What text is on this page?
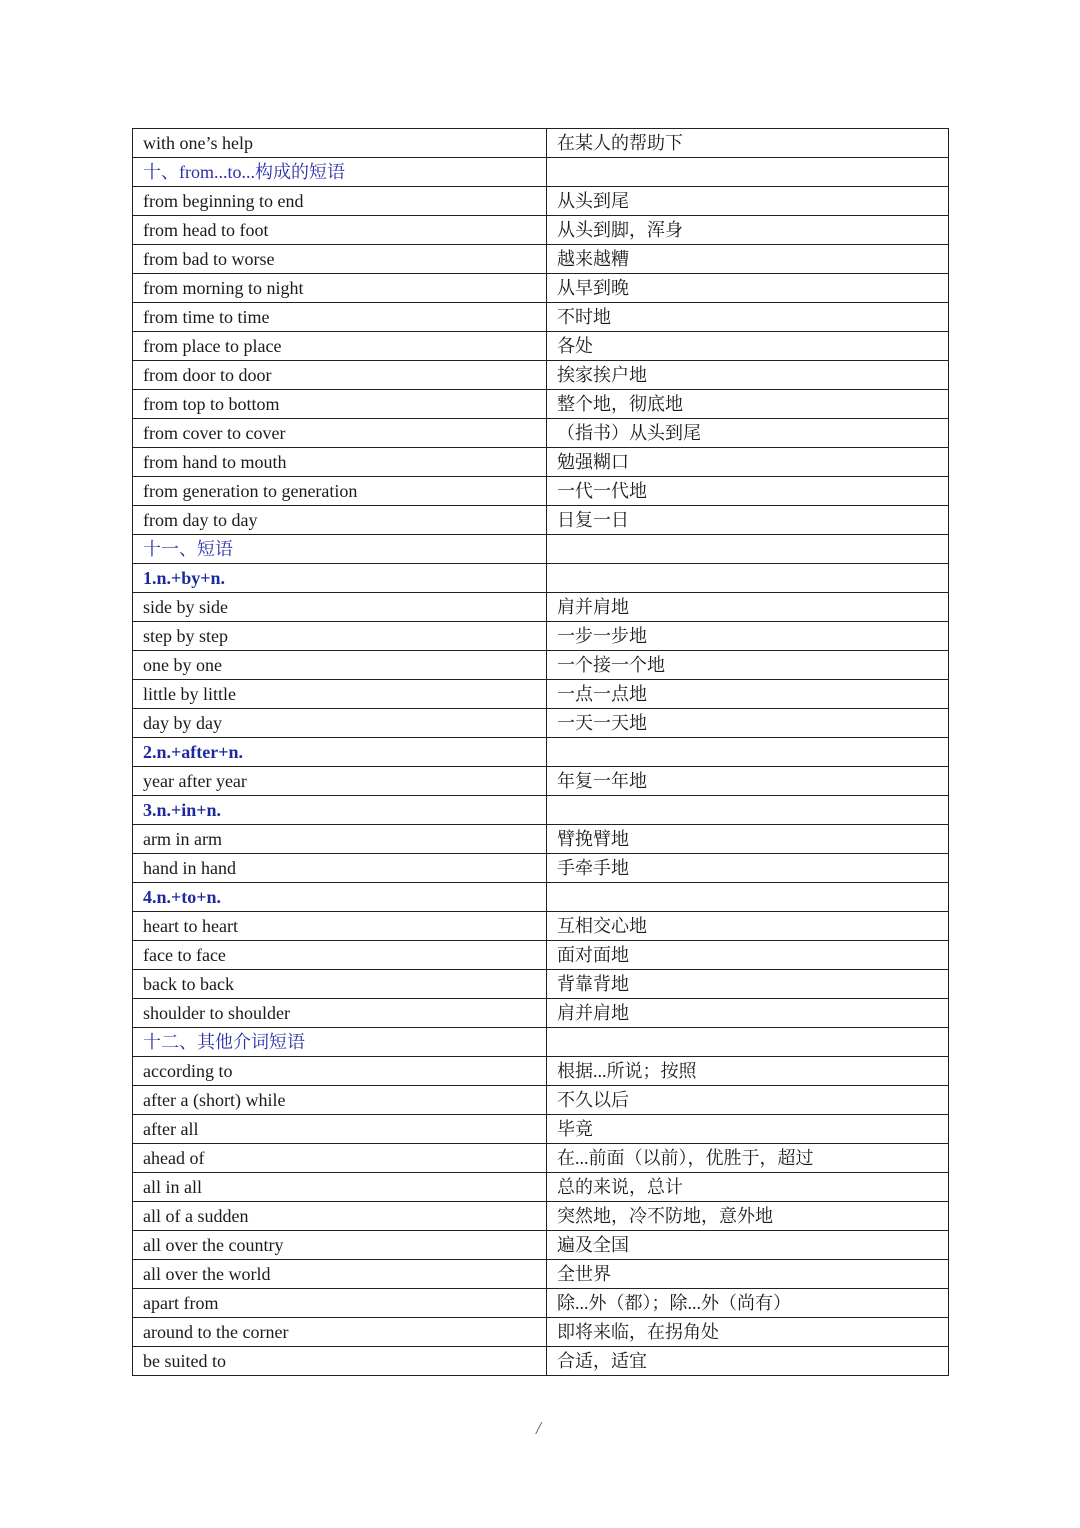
with one’s help	在某人的帮助下
十、from...to...构成的短语	
from beginning to end	从头到尾
from head to foot	从头到脚，浑身
from bad to worse	越来越糟
from morning to night	从早到晚
from time to time	不时地
from place to place	各处
from door to door	挨家挨户地
from top to bottom	整个地，彻底地
from cover to cover	（指书）从头到尾
from hand to mouth	勉强糊口
from generation to generation	一代一代地
from day to day	日复一日
十一、短语	
1.n.+by+n.	
side by side	肩并肩地
step by step	一步一步地
one by one	一个接一个地
little by little	一点一点地
day by day	一天一天地
2.n.+after+n.	
year after year	年复一年地
3.n.+in+n.	
arm in arm	臂挽臂地
hand in hand	手牵手地
4.n.+to+n.	
heart to heart	互相交心地
face to face	面对面地
back to back	背靠背地
shoulder to shoulder	肩并肩地
十二、其他介词短语	
according to	根据...所说；按照
after a (short) while	不久以后
after all	毕竟
ahead of	在...前面（以前），优胜于，超过
all in all	总的来说，总计
all of a sudden	突然地，冷不防地，意外地
all over the country	遍及全国
all over the world	全世界
apart from	除...外（都）；除...外（尚有）
around to the corner	即将来临，在拐角处
be suited to	合适，适宜
/
